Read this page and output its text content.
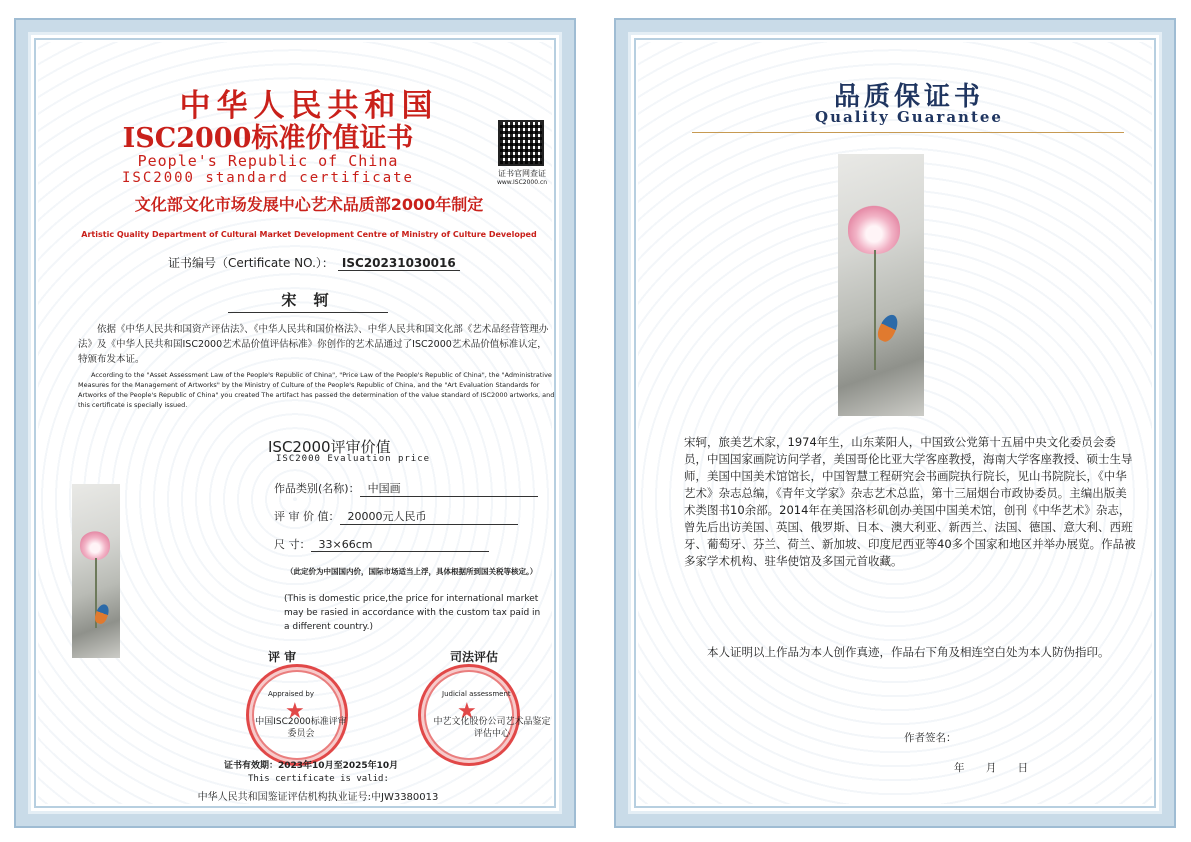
中华人民共和国
ISC2000标准价值证书
People's Republic of China
ISC2000 standard certificate	证书官网查证
www.ISC2000.cn
文化部文化市场发展中心艺术品质部2000年制定
Artistic Quality Department of Cultural Market Development Centre of Ministry of Culture Developed
证书编号（Certificate NO.）： ISC20231030016
宋 轲
依据《中华人民共和国资产评估法》、《中华人民共和国价格法》、中华人民共和国文化部《艺术品经营管理办法》及《中华人民共和国ISC2000艺术品价值评估标准》你创作的艺术品通过了ISC2000艺术品价值标准认定，特颁布发本证。
According to the "Asset Assessment Law of the People's Republic of China", "Price Law of the People's Republic of China", the "Administrative Measures for the Management of Artworks" by the Ministry of Culture of the People's Republic of China, and the "Art Evaluation Standards for Artworks of the People's Republic of China" you created The artifact has passed the determination of the value standard of ISC2000 artworks, and this certificate is specially issued.
ISC2000评审价值
ISC2000 Evaluation price
作品类别(名称)： 中国画
评 审 价 值： 20000元人民币
尺 寸： 33×66cm
（此定价为中国国内价，国际市场适当上浮，具体根据所到国关税等核定。）
(This is domestic price,the price for international market may be rasied in accordance with the custom tax paid in a different country.)
评 审	司法评估
★	★
Appraised by	Judicial assessment
中国ISC2000标准评审委员会
中艺文化股份公司艺术品鉴定评估中心
证书有效期：2023年10月至2025年10月
This certificate is valid:
中华人民共和国鉴证评估机构执业证号:中JW3380013
品质保证书
Quality Guarantee
宋轲，旅美艺术家，1974年生，山东莱阳人，中国致公党第十五届中央文化委员会委员，中国国家画院访问学者，美国哥伦比亚大学客座教授，海南大学客座教授、硕士生导师，美国中国美术馆馆长，中国智慧工程研究会书画院执行院长，见山书院院长，《中华艺术》杂志总编，《青年文学家》杂志艺术总监，第十三届烟台市政协委员。主编出版美术类图书10余部。2014年在美国洛杉矶创办美国中国美术馆，创刊《中华艺术》杂志，曾先后出访美国、英国、俄罗斯、日本、澳大利亚、新西兰、法国、德国、意大利、西班牙、葡萄牙、芬兰、荷兰、新加坡、印度尼西亚等40多个国家和地区并举办展览。作品被多家学术机构、驻华使馆及多国元首收藏。
本人证明以上作品为本人创作真迹，作品右下角及相连空白处为本人防伪指印。
作者签名：
年 月 日
